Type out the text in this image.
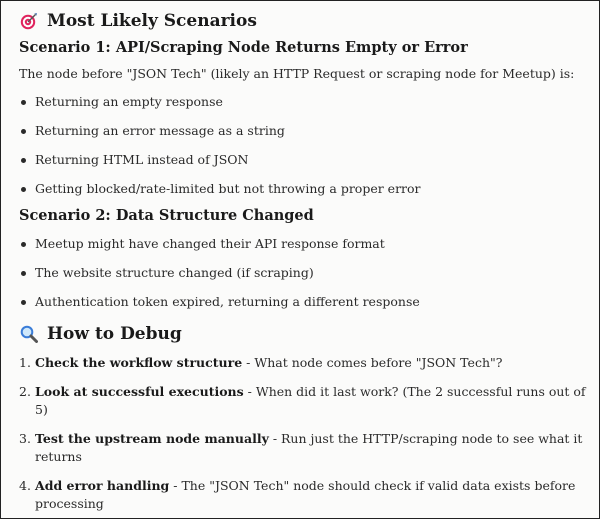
Most Likely Scenarios
Scenario 1: API/Scraping Node Returns Empty or Error

The node before "JSON Tech" (likely an HTTP Request or scraping node for Meetup) is:

Returning an empty response
Returning an error message as a string
Returning HTML instead of JSON
Getting blocked/rate-limited but not throwing a proper error
Scenario 2: Data Structure Changed
Meetup might have changed their API response format
The website structure changed (if scraping)
Authentication token expired, returning a different response
How to Debug
1. Check the workflow structure - What node comes before "JSON Tech"?
2. Look at successful executions - When did it last work? (The 2 successful runs out of 5)
3. Test the upstream node manually - Run just the HTTP/scraping node to see what it returns
4. Add error handling - The "JSON Tech" node should check if valid data exists before processing
